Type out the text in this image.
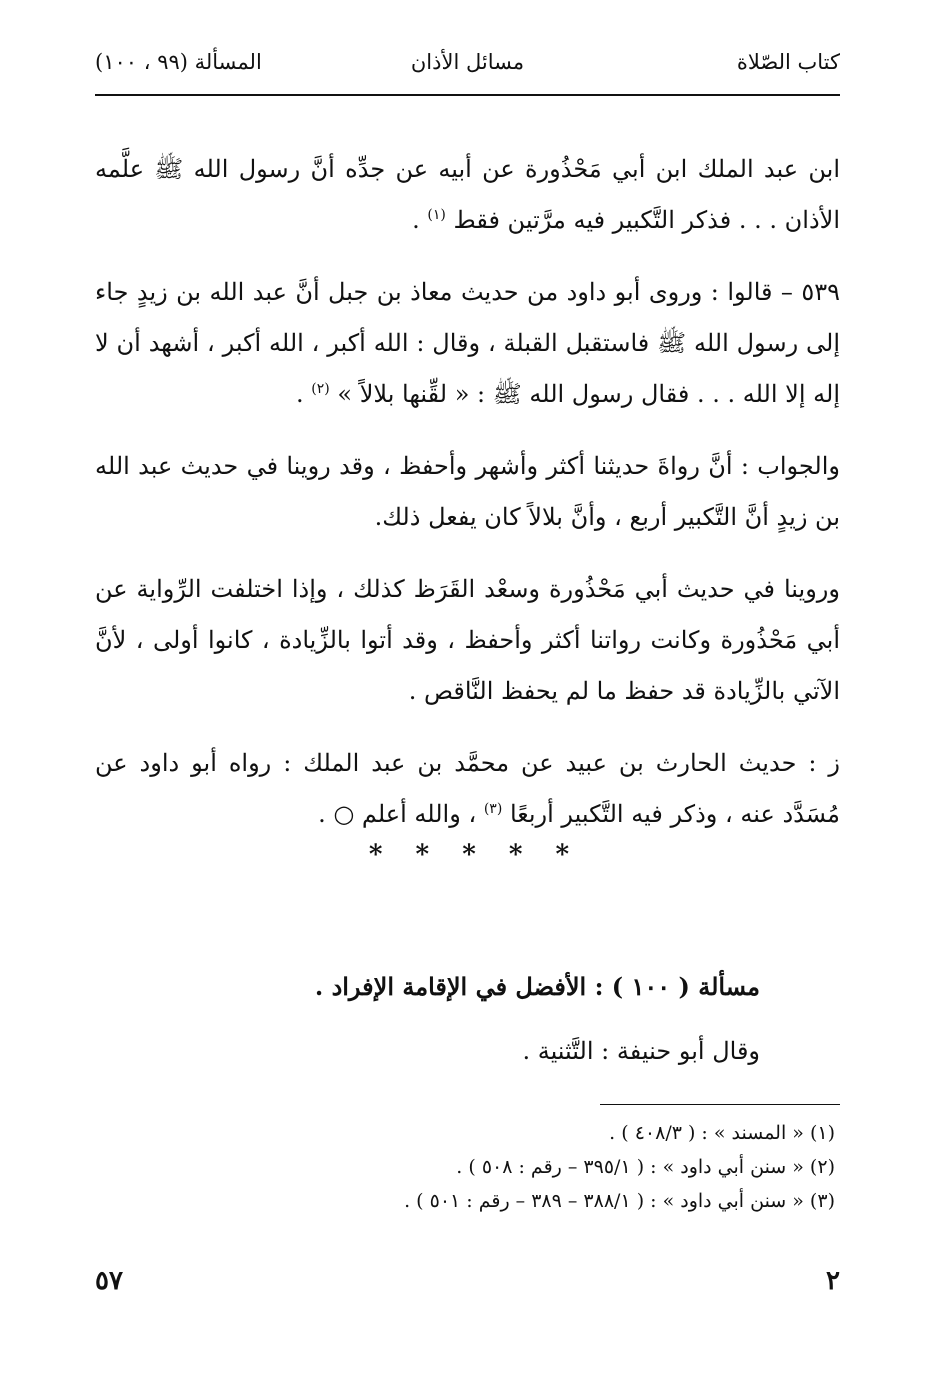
كتاب الصّلاة
مسائل الأذان
المسألة (٩٩ ، ١٠٠)

ابن عبد الملك ابن أبي مَحْذُورة عن أبيه عن جدِّه أنَّ رسول الله ﷺ علَّمه الأذان . . . فذكر التَّكبير فيه مرَّتين فقط $^{(١)}$ .

٥٣٩ – قالوا : وروى أبو داود من حديث معاذ بن جبل أنَّ عبد الله بن زيدٍ جاء إلى رسول الله ﷺ فاستقبل القبلة ، وقال : الله أكبر ، الله أكبر ، أشهد أن لا إله إلا الله . . . فقال رسول الله ﷺ : « لقِّنها بلالاً » $^{(٢)}$ .

والجواب : أنَّ رواةَ حديثنا أكثر وأشهر وأحفظ ، وقد روينا في حديث عبد الله بن زيدٍ أنَّ التَّكبير أربع ، وأنَّ بلالاً كان يفعل ذلك.

وروينا في حديث أبي مَحْذُورة وسعْد القَرَظ كذلك ، وإذا اختلفت الرِّواية عن أبي مَحْذُورة وكانت رواتنا أكثر وأحفظ ، وقد أتوا بالزِّيادة ، كانوا أولى ، لأنَّ الآتي بالزِّيادة قد حفظ ما لم يحفظ النَّاقص .

ز : حديث الحارث بن عبيد عن محمَّد بن عبد الملك : رواه أبو داود عن مُسَدَّد عنه ، وذكر فيه التَّكبير أربعًا $^{(٣)}$ ، والله أعلم ○ .

* * * * *

مسألة ( ١٠٠ ) : الأفضل في الإقامة الإفراد .

وقال أبو حنيفة : التَّثنية .

(١) « المسند » : ( ٤٠٨/٣ ) .

(٢) « سنن أبي داود » : ( ٣٩٥/١ – رقم : ٥٠٨ ) .

(٣) « سنن أبي داود » : ( ٣٨٨/١ – ٣٨٩ – رقم : ٥٠١ ) .

٢
٥٧
